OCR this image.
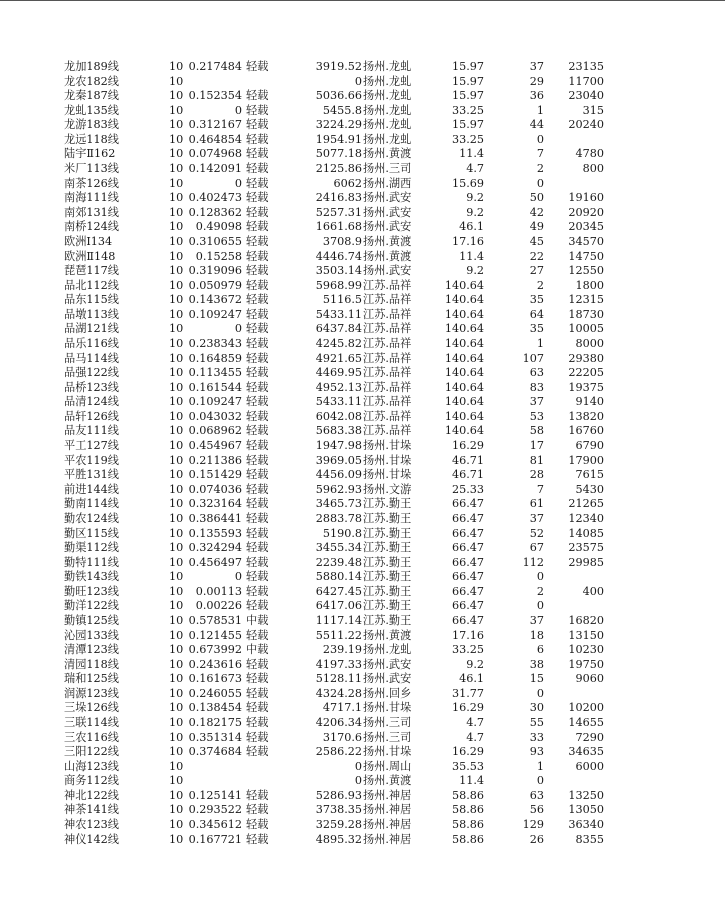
龙加189线	10 0.217484 轻载	3919.52 扬州.龙虬	15.97	37	23135
龙农182线	10	0 扬州.龙虬	15.97	29	11700
龙秦187线	10 0.152354 轻载	5036.66 扬州.龙虬	15.97	36	23040
龙虬135线	10	0 轻载	5455.8 扬州.龙虬	33.25	1	315
龙游183线	10 0.312167 轻载	3224.29 扬州.龙虬	15.97	44	20240
龙远118线	10 0.464854 轻载	1954.91 扬州.龙虬	33.25	0
陆宇Ⅱ162	10 0.074968 轻载	5077.18 扬州.黄渡	11.4	7	4780
米厂113线	10 0.142091 轻载	2125.86 扬州.三司	4.7	2	800
南茶126线	10	0 轻载	6062 扬州.湖西	15.69	0
南海111线	10 0.402473 轻载	2416.83 扬州.武安	9.2	50	19160
南郊131线	10 0.128362 轻载	5257.31 扬州.武安	9.2	42	20920
南桥124线	10	0.49098 轻载	1661.68 扬州.武安	46.1	49	20345
欧洲Ⅰ134	10 0.310655 轻载	3708.9 扬州.黄渡	17.16	45	34570
欧洲Ⅱ148	10	0.15258 轻载	4446.74 扬州.黄渡	11.4	22	14750
琵琶117线	10 0.319096 轻载	3503.14 扬州.武安	9.2	27	12550
品北112线	10 0.050979 轻载	5968.99 江苏.品祥	140.64	2	1800
品东115线	10 0.143672 轻载	5116.5 江苏.品祥	140.64	35	12315
品墩113线	10 0.109247 轻载	5433.11 江苏.品祥	140.64	64	18730
品湖121线	10	0 轻载	6437.84 江苏.品祥	140.64	35	10005
品乐116线	10 0.238343 轻载	4245.82 江苏.品祥	140.64	1	8000
品马114线	10 0.164859 轻载	4921.65 江苏.品祥	140.64	107	29380
品强122线	10 0.113455 轻载	4469.95 江苏.品祥	140.64	63	22205
品桥123线	10 0.161544 轻载	4952.13 江苏.品祥	140.64	83	19375
品清124线	10 0.109247 轻载	5433.11 江苏.品祥	140.64	37	9140
品轩126线	10 0.043032 轻载	6042.08 江苏.品祥	140.64	53	13820
品友111线	10 0.068962 轻载	5683.38 江苏.品祥	140.64	58	16760
平工127线	10 0.454967 轻载	1947.98 扬州.甘垛	16.29	17	6790
平农119线	10 0.211386 轻载	3969.05 扬州.甘垛	46.71	81	17900
平胜131线	10 0.151429 轻载	4456.09 扬州.甘垛	46.71	28	7615
前进144线	10 0.074036 轻载	5962.93 扬州.文游	25.33	7	5430
勤南114线	10 0.323164 轻载	3465.73 江苏.勤王	66.47	61	21265
勤农124线	10 0.386441 轻载	2883.78 江苏.勤王	66.47	37	12340
勤区115线	10 0.135593 轻载	5190.8 江苏.勤王	66.47	52	14085
勤渠112线	10 0.324294 轻载	3455.34 江苏.勤王	66.47	67	23575
勤特111线	10 0.456497 轻载	2239.48 江苏.勤王	66.47	112	29985
勤铁143线	10	0 轻载	5880.14 江苏.勤王	66.47	0
勤旺123线	10	0.00113 轻载	6427.45 江苏.勤王	66.47	2	400
勤洋122线	10	0.00226 轻载	6417.06 江苏.勤王	66.47	0
勤镇125线	10 0.578531 中载	1117.14 江苏.勤王	66.47	37	16820
沁园133线	10 0.121455 轻载	5511.22 扬州.黄渡	17.16	18	13150
清潭123线	10 0.673992 中载	239.19 扬州.龙虬	33.25	6	10230
清园118线	10 0.243616 轻载	4197.33 扬州.武安	9.2	38	19750
瑞和125线	10 0.161673 轻载	5128.11 扬州.武安	46.1	15	9060
润源123线	10 0.246055 轻载	4324.28 扬州.回乡	31.77	0
三垛126线	10 0.138454 轻载	4717.1 扬州.甘垛	16.29	30	10200
三联114线	10 0.182175 轻载	4206.34 扬州.三司	4.7	55	14655
三农116线	10 0.351314 轻载	3170.6 扬州.三司	4.7	33	7290
三阳122线	10 0.374684 轻载	2586.22 扬州.甘垛	16.29	93	34635
山海123线	10	0 扬州.周山	35.53	1	6000
商务112线	10	0 扬州.黄渡	11.4	0
神北122线	10 0.125141 轻载	5286.93 扬州.神居	58.86	63	13250
神茶141线	10 0.293522 轻载	3738.35 扬州.神居	58.86	56	13050
神农123线	10 0.345612 轻载	3259.28 扬州.神居	58.86	129	36340
神仪142线	10 0.167721 轻载	4895.32 扬州.神居	58.86	26	8355
